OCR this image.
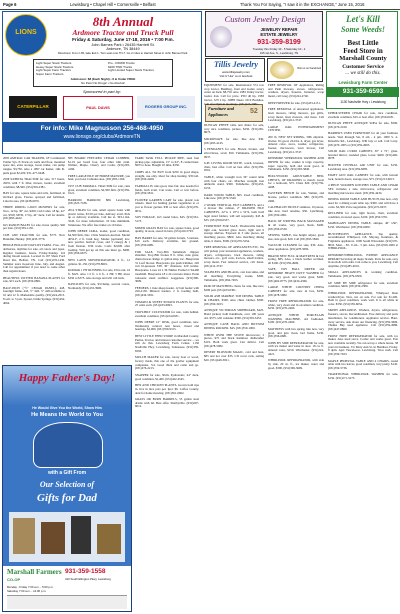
Page 6	Lewisburg • Chapel Hill • Cornersville • Belfast	Thank You For Saying, "I saw it in the EXCHANGE," June 15, 2016
LIONS
8th Annual
Ardmore Tractor and Truck Pull
Friday & Saturday, June 17-18, 2016 • 7:00 P.m.
John Barnes Park • 26435 Harriett St.
Ardmore, TN 38449
Directions: From I-65, take Exit 1. Turn east onto TN-7. Go 2 miles to Harriett Street in John Barnes Park.
Light Super Stock Tractors
Heavy Super Stock Tractors
Light Super Farm Tractors
Super Farm Tractors
Pro - FWWD Trucks
6200 TWD Trucks
Light Limited Super Stock Tractors
Admission: $8 (Each Night) • 6 & Under FREE
No Pets! No Drugs! • No Alcohol!
Sponsored in part by:
CATERPILLAR	PAUL DAVIS	ROGERS GROUP INC.
For info: Mike Magnusson 256-468-4950
www.lionsgo.org/clubs/ArdmoreTN
Custom Jewelry Design
JEWELRY REPAIR
ESTATE JEWELRY
931-359-8199
Tuesday thru Friday 10 - 5 Saturday 10 - 2
315 1st Ave. S., Lewisburg, TN
Tillis Jewelry
www.tillisjewelry.com
Visit & "Like" us on facebook
Visit us on Facebook
Furniture and
Appliances	52
Let's Kill
Some Weeds!
Best Little
Feed Store in
Marshall County
Customer Service
... we still do this.
Lewisburg Farm Center
931-359-6593
1130 Nashville Hwy • Lewisburg

2005 AMTRAC CAR TRAILER, 18' Continental Trailer Sys. E-Track on walls and floor, mounted spare tire, extra storage, Great trailer, can pump tongue, $3,750. Also a 1997 car hauler, 14K lb. pulls great $2,200. 931-477-0448.

250P KUBOTA TRACTOR for sale, 517 hours, 4WD, with 7 ft. tiller, mower, loader, excellent condition, $8,500. (931)359-2381.

HAY for sale, square bales and rolls, fertilized, in Orchard grass, Fescue, sprayed and fertilized, Lincoln area. (931)438-6970.

THREE RIDING LAWN MOWERS for sale, Toro, 12 hp, 36" cut, $450; Cub Cadet, 18 hp, 42" cut, $350; MTD, 17 hp, 42" deck, Call for details. (931)993-4422.

6x5 RANCH BALES for sale, horse quality, $40 per bale. (931)339-1150.

CUB 1200 TRACTOR for sale, $775. New Brundtin, Henley. (931)433-3776.

HEDGE HOLLOW DAYLILY FARM - Free, 101 deliveries, daylilies for sale, all colors and types. Regular business, hours, Friday-Sunday, 9-6 during bloom season. Located in 167 Shaw Ford Road Rd., Belfast, TN. Call (931)276-1436. Summer tours in-person June, July, and August. Call for appointment if you need to come other than regular hours.

BEAUTIFUL POTTED BANANA PLANTS for sale, $15 each. (931)359-6801.

HALF-INCH ("½" CEDAR PANEL), 4x8, fourdigit frame, 4x6, ½" 4x8, ½" 4x8 available to 10 and 12 ft. Marketable quality. (931)224-2013. 8 a.m. to 3 p.m. Sprout, bridle Springs. (931)434-4064.

NH BOARD FEET-RED CEDAR LUMBER, $1.19 per board foot, four other trim avail. Walnut, Maple, Cherry and Cedar, (931)293-4166.

FREE LARGE PILE OF HORSE MANURE, you haul, you load, Culleoka area. (931)395-1166.

1957 CUB FARMALL TRACTOR for sale, runs great, excellent condition, $2,500 firm. (931)359-0121.

HARROW, BARROW, $80. Lewisburg, (931)525-7186.

2014 STRAW for sale, small square bales with plastic twine, $3.50 per bale, delivery avail. Pick up or delivery available. Call me at. 393-1144-3243, for more information. 10 bale minimum. Tennessee. We offer free trailer on 10 bales.

JOHN DEERE 1640A, loader, good condition, $4,500 firm, Dec. Chris Seiersen Auction. Model 4052-F, 2 ft. bush hog. Modes (optional) low. new yearbar, built-in cover, and 3 canopy & 1 from Deaton. Will trade. Cash: $2,000 after loading. Will get up on this one must go, $600. (931)556-6675.

NEW LAWN MOWER/RAVATOR, 6 ft., 12 gallons. $1,150. (931)278-8601.

KODIAK 1 HT RUNNING for sale, Ultra run. 16 ft. $225. Also 1.5 ft. x 6 ft., 2 HP, 3 HP, more $350 to $375. Also storage and will call back.

DAYLILIES for sale, $3/clump, several colors, Normandy. (931)433-3990.

FARM TASK FULL PICKUP PIPE, steel fuel pickup pipe. adjustable, 15" to 64", 8 connections: NPT to hose. Bought 10 time. $350.

CRIBS ALL TO BUY from $250 in good shape, straight, use only. Ideal for shop heating. $35/roll. (931)359-2409.

FARMALL H, runs good, tires fair, also needed for fields, both avail. Can trade. Call or text before. (931)359-5811.

FLOWER GARDEN CART for sale, plastic tote wheels. Ideal for hauling garden vegetables to or you to flower garden. $30 or best offer. (931)276-9031.

SOY FORAGE, 4x5 round bales, $45. (931)561-5173.

MIXED GRASS HAY for sale, square bales, good quality, in store, stored in barn. (931)410-5793.

HAY BARRS for sale, 50 gallon barrels, 5 nations, $10 each. Delivery available, fair ground. (931)359-6081.

FOR SALE, Troy-Bilt Tomahawk chipper shredder. Troy-Bilt bronze 8 ft. tiller, runs great, chain mower. Ridge 11 gallon shop vac. Husqvarna 31 Leaf blower. Husqvarna gas push trimmer, 220 volt hi-pressure STP. 30" chainsaw. 220 welder. Husqvarna. Lowe 22 x 36 Timber Frame's CTA400 treadmill. Husqvarna 18 x 24 concrete mixer. Eurie rotisserie stand outfitter. Gaggenau. (931)300-3009.

FEEDERS, 1 hole sheep feeder. 12 bolt feeder with 220-2130. Mineral feeders. 2 ft. feeding bulb, (931)434-5651.

TOMATO & SWEET POTATO PLANTS for sale, 25 cents each. (931)433-6063.

TROY-BILT CULTIVATOR for sale, walk behind, excellent condition, (931)224-0931.

JOHN DEERE 12" DISK, good condition, new. Wednesday contract new hoses, closed end bearings, $2,000. (931)769-9315.

BEST LITTLE FEED STORE in Marshall County. Purina, Tractor, and interest customer service ... we still do this. Lewisburg Farm Center, 1130 Nashville Hwy. Lewisburg, Tennessee. (931)359-6593.

MULCH MAKER for sale, rotary boat or wood, factory made, this one of the gaviler equipment companies, 3/4, Good thick and come and go. (931)276-2213.

SNAPPER for sale, 30cm, hydrostatic, 44" deck, good condition, $1,400. (931)422-4545.

HEN AND CHICKEN PLANTS, Grown both ripe in. live in nice pots per. Ipol. $6. Coffee County, dont for home mowing. (931)361-6062.

GRASS OR BURN BARRELS, 55 gallon steel drums with lid. Best offer. Shelbyville. (931)607-6012.

EQUIPMENT for sale. International 574 row crop tractor, Bushhog, front end loader, rotary cutter on back. $8,750. Also 1983 Valley tractor, loader. 4x4. Call for price. PTO 40 hp, 1983 tractor, S/N 2 hp. JOHN Deere 1010 Backhoe. Call after 8pm in mornings. (931)225-7081.

DUNCAN PHYFE table and chairs for sale, very nice condition, picture, $250. (931)265-8673.

MICROWAVE for sale, like new, $30. (931)293-4145.

5 PENDANTS for sale. Brown, bronze, and silver/brass, avail. $50. Tullahoma. (931)359-9937.

6-PC LIVING ROOM SUITE, couch, loveseat, chair, best offer. Call on best offer. (931)359-0501.

TABLE, white wrought iron 36" round table with four chairs, etc. Matches wrought iron umbrella stand. $300. Tullahoma. (931)433-6153.

DARK WOOD TABLE, $65. Used condition, Like new. (931)379-5340.

2 WORK VERTICAL FILE CABINETS, and a 4 drawer file cabinet, 2" DRAWER FILE CABINETS, 22"w x 18"d x 52"h, both hold legal sized folders, will sell separately, $45 & $35. (931)359-0537.

FURNITURE FOR SALE, Thomasville hutch, light oak, beveled glass doors, light and 6 storage shelves. Exposed in 3 side pieces, all matching pieces, $800. Also matching dining table, 6 chairs, $500. (931)276-3254.

FREE REMOVAL OF APPLIANCES ETC. We will pickup your unwanted appliances, washers, dryers, refrigerators, lawn mowers, riding mowers, etc., golf carts, tractors, small trailers, scrap metal, Fast removal service, call Jason. (931)212-3747.

STAINLESS AND BLACK, cast iron sinks, and all matching. Everything works, $300. Tullahoma. (931)394-7493.

PAIR OF MATCHING chairs for sale, like new, $200 pair. (931)433-0301.

SOLID ASH MARBLE TOP DINING TABLE & CHAIRS, $500. Also china cabinet, $500. (931)359-3453.

ANTIQUE VICTORIAN SIDEBOARD, $425. Hand picked, both handmade, over 100 years old. $575, will consider. $500. (931)359-3453.

ANTIQUE CANE BACK AND BOTTOM DINING ROCKER. $45. (931)359-1000.

WHITE OVER THE STOVE microwave; 2 pieces, $75 and black Kenmore dishwasher $119. Both work great. Can deliver. Call (931)478-5082.

DESERT BLOSSOM MAGIC, cold and heat, $85 and not over $35. CD cover rack, setting $20. (931)449-3021.

FREE REMOVAL OF Appliances, Riding and Push mowers, stoves, refrigerators, washers, dryers, freezers, batteries, scrap metal, call Greg. (931)224-2740.

DEEP FREEZER for sale. (931)433-4131.

FREE REMOVAL of unwanted appliances, lawn mowers, riding mowers, gas grills, scrap metal, lawn mowers, and more. Call Lewisburg. (931)212-3747.

LARGE OAK ENTERTAINMENT CENTER.

200 lb. NEW SET RIDING, 50lb eliptical. Owner. It's good, 224 ibs. it, dryer, gas dryer, almond color, stove, washer, refrigerator, freezer, microwave, lawn mower, Call Lewisburg. (931)212-3747.

KENMORE WHIRLPOOL WASHER AND DRYER for sale, washer is large capacity, super capacity, both and work good, in Tullahoma. $150. (931)393-5840.

HOLLYWOOD ADJUSTABLE BED, CHESTS, OF DRAWERS to match. Great for a bedroom, $75. Chest $20. (931)739-4208.

EASTERN BENCH for sale, Walnut, and bronze, perfect condition. $80. (931)276-2460.

CALPHALON TRI PLY stainless, 10 pieces, like new, hard anodize, $50. Lynchburg. (931)359-2901.

BACK OF WRITING BACK MASSAGER & all works, very good, black, $200. (931)359-0530.

SEWING TABLE, has height adjust, great size, side good, $20. Call (931)393-5840.

VACUUM CLEANER for sale, $30. Also, other appliances. (931)478-5082.

BRAND NEW FULL & MATTRESS & box spring, $85. Also, a black leather reclined. all $100. (931)359-4900.

SAFE, TOY BALL DRYER and KENMORE HEAVY DUTY WASHER for sale, very good, and works great. $200. (931)402-8775. (931)434-4366.

LARGE WHITE COUNTRY CHINA CABINET for sale, new in box, $250. (931)478-5082.

FROST FREE REFRIGERATOR for sale, white, very clean and in excellent condition. $250. (931)276-2460.

ANTIQUE WHITE PORCELAIN WASHING MACHINE, old fashioned, $100. (931)276-2460.

MATTRESS with box spring, like new, very good, and gets clean, bed frame, $130. (931)356-6681.

JOHN BY SIDE REFRIGERATOR for sale, with ice maker and water in door. 18 cu. ft. almond color, $150. Winchester. (931)224-4421.

WHIRLPOOL REFRIGERATOR, with side by side, 20 cu. ft., ice maker, water and good, $300. (931)369-3609.

UPHOLSTERED CHAIR for sale, nice condition, excellent condition, $25 or best offer. (931)359-6181.

DUNCAN PHYFE ANTIQUE SOFA for sale, $500. (931)276-2160.

HARPER'S USED FURNITURE for all your furniture needs. Wed through Sat, 8 am - 4 pm. 1000 S. 4-Kinsville Rd., Lewisburg. Will buy or sell. Call Larry. (931)270-1005 or (931)359-4993.

SOLID OAK CURIO CABINET, 30" x 72", glass. beveled mirror, rounded glass, lower. $400. (931)449-0078.

HOOVER CENTRAL AIR UNIT for sale, $150. Lewisburg area. (931)359-6085.

EIGHT GUN OAK CABINET for sale, with bottom lock, bottom doors, storage area, $75. (931)213-6015.

4 PIECE WOODEN KITCHEN TABLE AND CHAIR SET, includes a side, microwave, refrigerator and matching microwave stand. (931)359-4434.

DINING ROOM TABLE AND HUTCH, like new, only used for a dining room table top, $300. and will have 4 cards. $2,500. Price negotiable. (931)272-0437.

RECLINER for sale, light brown, chair, excellent condition, in stored space, $100. (931)359-5701.

MAHOGANY DINING TABLE, antique, 40" x36", $150. Winchester. (931)359-6000.

HUTCHESON'S APPLIANCE. Top quality, reconditioned Whirlpool, GE, Maytag, Kenmore, & Frigidaire appliances. 1000 South Wisconsin. (931)570-8010. Mon. - Fri. 9 am - 5 pm. Also, (931)359-1600 at WHIRLPOOL.

KENMORE/WHIRLPOOL. EXPERT APPLIANCE REPAIR! Servicing all major brands. Parts for sale, easy in stock & will order. Can come to you, Lewisburg. Call Anytime. (931)285-4010.

SMALL APPLIANCES in working condition. Tullahoma. (931)379-6300.

GE SIDE BY SIDE refrigerator for sale, excellent condition, $400. (931)359-2380.

WHIRLPOOL REFRIGERATOR, Whirlpool Duet washer/dryer. New, not on sale. For sale for $1,200. Both in good condition, work well. It is all white in color. $350. (931)359-6034.

SMITH APPLIANCE. Washers, dryers, refrigerators, freezers, stoves, Reconditioned. Free delivery and parts installation, for conditioners. Appliance service. Haul-away service. Ask about our financing. (931)359-3606. Thanks Buy used appliance. Call (931)359-4986. (931)447-0860.

FROST FREE REFRIGERATOR for sale, with ice maker. Also used stove, Corder and works great. Fast new available recently. We can set up a whole house. 38 years in business. 3% Mary Ann St. in Hendiser. Friday. 9 4pm. Ajax Tuscaloosa. Lewisburg. Trice rush. Call (931)359-7023.

MAPLE PEDESTAL TABLE AND 4 CHAIRS, round table with two leaves, good condition, very pretty. $145. (931)359-5736.

TRADITIONAL WHIRLPOOL WASHER for sale, $150. (931)271-5273.

Happy Father's Day!
He Would Give You the World, Show Him
He Means the World to You
with a Gift From
Our Selection of
Gifts for Dad
Marshall Farmers
CO-OP
931-359-1558
410 South Ellington Pkwy, Lewisburg
Monday - Friday 7:00 a.m. - 5:00 p.m.
Saturday 7:00 a.m. - 12:00 p.m.
